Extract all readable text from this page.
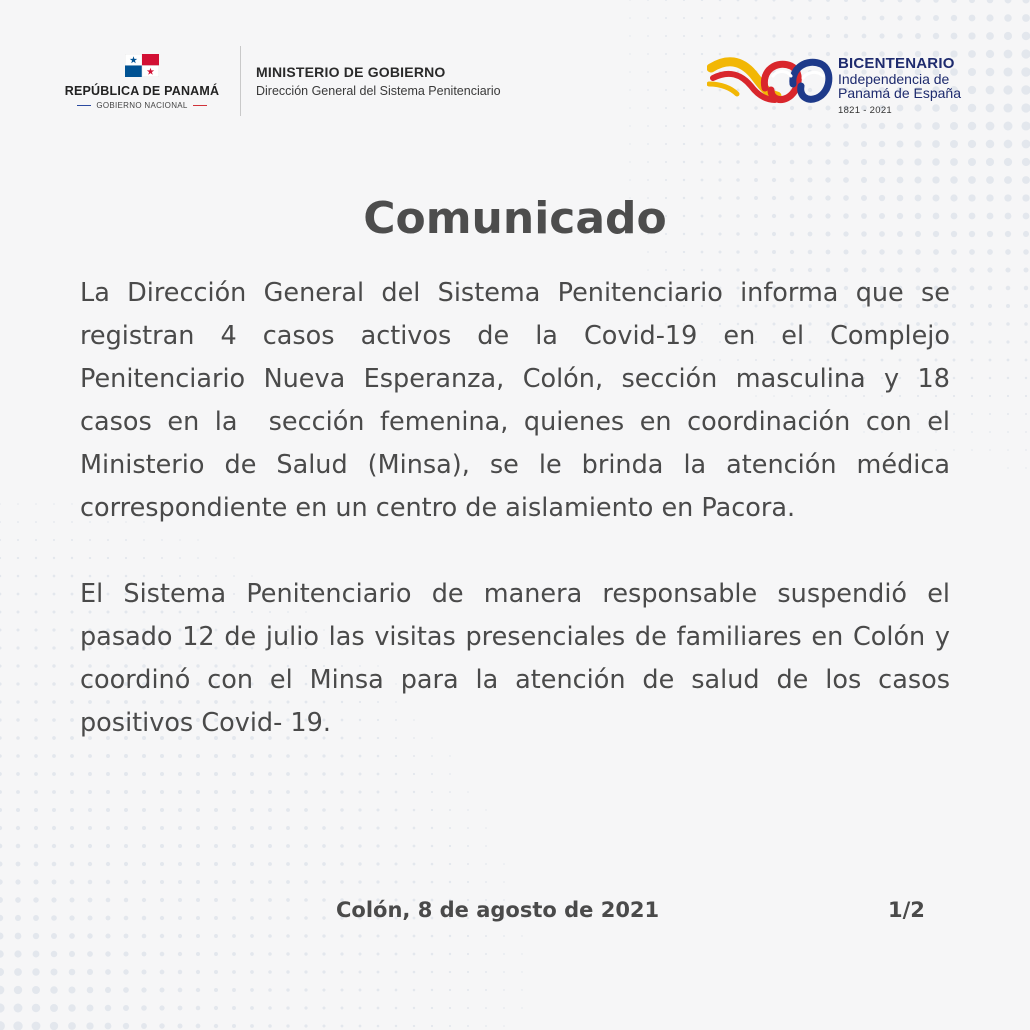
REPÚBLICA DE PANAMÁ
GOBIERNO NACIONAL
MINISTERIO DE GOBIERNO
Dirección General del Sistema Penitenciario
BICENTENARIO
Independencia de
Panamá de España
1821 - 2021
Comunicado

La Dirección General del Sistema Penitenciario informa que se registran 4 casos activos de la Covid-19 en el Complejo Penitenciario Nueva Esperanza, Colón, sección masculina y 18 casos en la  sección femenina, quienes en coordinación con el Ministerio de Salud (Minsa), se le brinda la atención médica correspondiente en un centro de aislamiento en Pacora.

El Sistema Penitenciario de manera responsable suspendió el pasado 12 de julio las visitas presenciales de familiares en Colón y coordinó con el Minsa para la atención de salud de los casos positivos Covid- 19.

Colón, 8 de agosto de 2021	1/2
